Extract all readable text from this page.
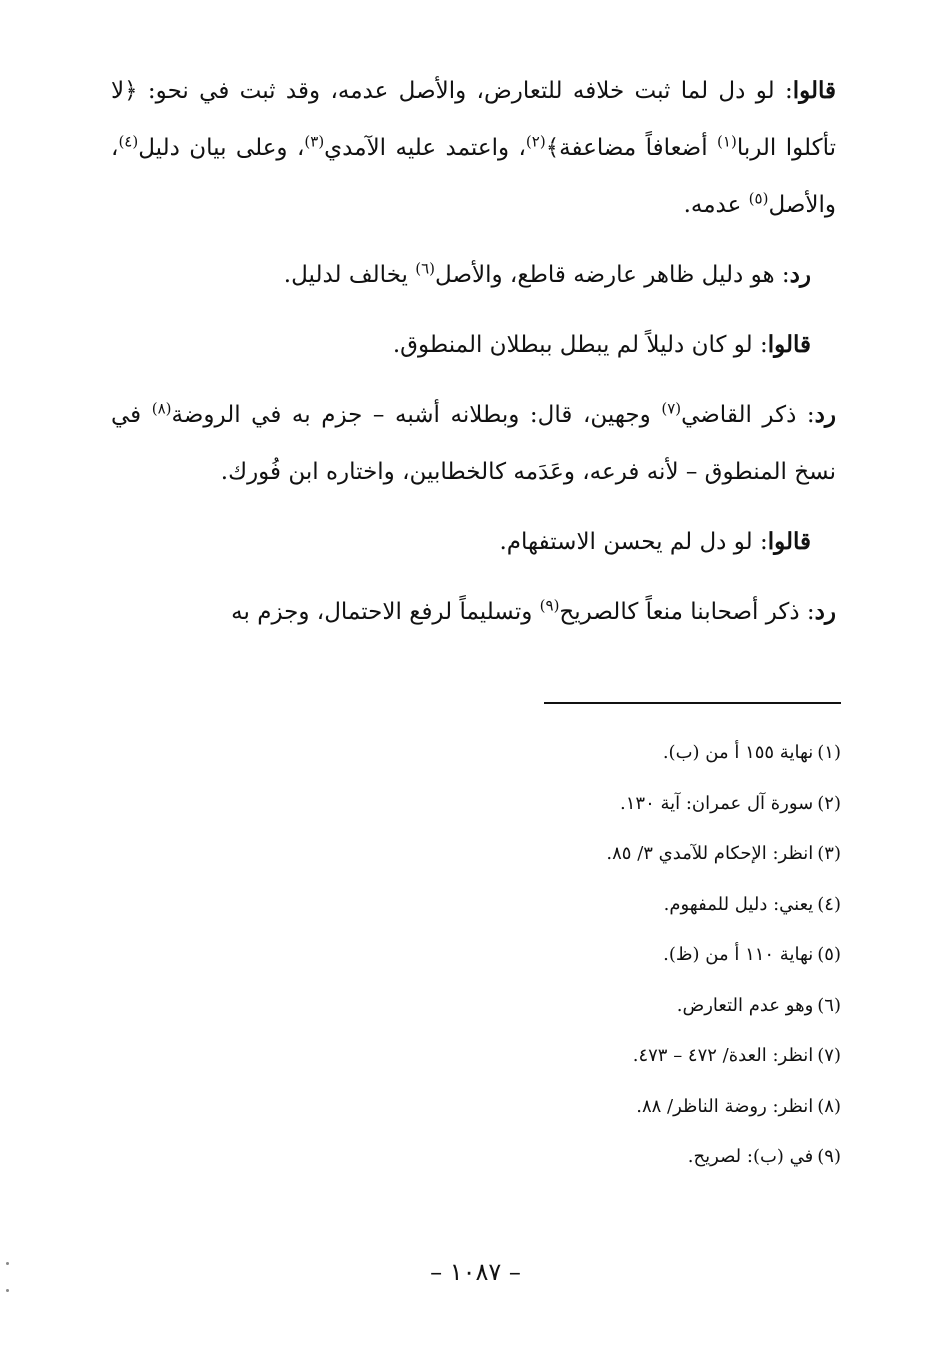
قالوا: لو دل لما ثبت خلافه للتعارض، والأصل عدمه، وقد ثبت في نحو: ﴿لا تأكلوا الربا$^{(١)}$ أضعافاً مضاعفة﴾$^{(٢)}$، واعتمد عليه الآمدي$^{(٣)}$، وعلى بيان دليل$^{(٤)}$، والأصل$^{(٥)}$ عدمه.

رد: هو دليل ظاهر عارضه قاطع، والأصل$^{(٦)}$ يخالف لدليل.

قالوا: لو كان دليلاً لم يبطل ببطلان المنطوق.

رد: ذكر القاضي$^{(٧)}$ وجهين، قال: وبطلانه أشبه – جزم به في الروضة$^{(٨)}$ في نسخ المنطوق – لأنه فرعه، وعَدَمه كالخطابين، واختاره ابن فُورك.

قالوا: لو دل لم يحسن الاستفهام.

رد: ذكر أصحابنا منعاً كالصريح$^{(٩)}$ وتسليماً لرفع الاحتمال، وجزم به

(١)نهاية ١٥٥ أ من (ب).

(٢)سورة آل عمران: آية ١٣٠.

(٣)انظر: الإحكام للآمدي ٣/ ٨٥.

(٤)يعني: دليل للمفهوم.

(٥)نهاية ١١٠ أ من (ظ).

(٦)وهو عدم التعارض.

(٧)انظر: العدة/ ٤٧٢ – ٤٧٣.

(٨)انظر: روضة الناظر/ ٨٨.

(٩)في (ب): لصريح.

– ١٠٨٧ –
